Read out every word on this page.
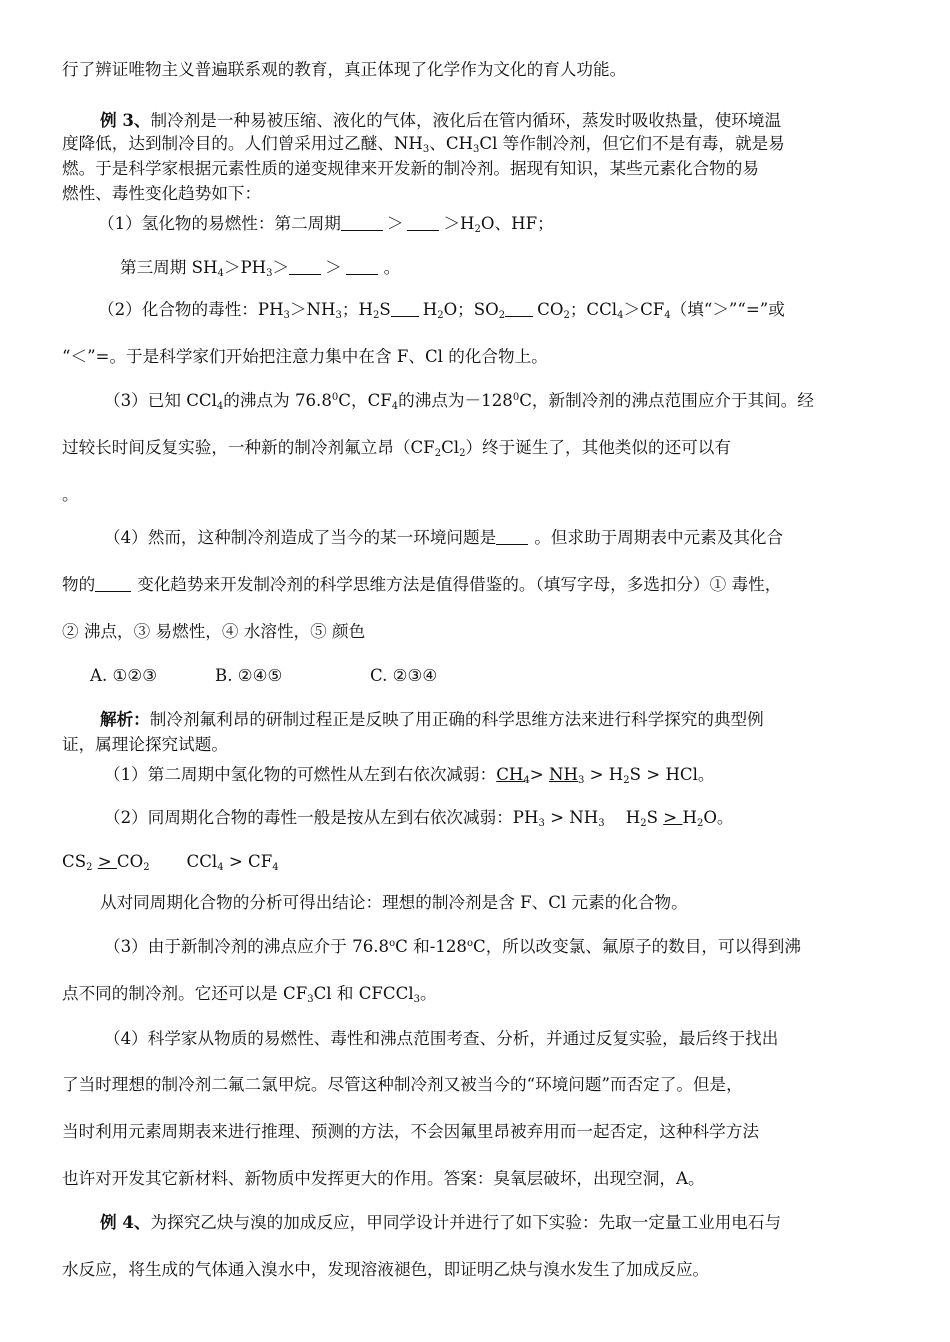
行了辨证唯物主义普遍联系观的教育，真正体现了化学作为文化的育人功能。
例 3、制冷剂是一种易被压缩、液化的气体，液化后在管内循环，蒸发时吸收热量，使环境温
度降低，达到制冷目的。人们曾采用过乙醚、$NH_3$、$CH_3Cl$ 等作制冷剂，但它们不是有毒，就是易
燃。于是科学家根据元素性质的递变规律来开发新的制冷剂。据现有知识，某些元素化合物的易
燃性、毒性变化趋势如下：
（1）氢化物的易燃性：第二周期	＞ $>H_2O$、HF；
第三周期 $SH_4>PH_3>$ ＞	。
（2）化合物的毒性：$PH_3>NH_3$；$H_2S$ $H_2O$；$SO_2$ $CO_2$；$CCl_4>CF_4$（填“＞”“=”或
“＜”=。于是科学家们开始把注意力集中在含 F、Cl 的化合物上。
（3）已知 CCl$_4$的沸点为 76.8$^0$C，$CF_4$的沸点为$-128^0C$，新制冷剂的沸点范围应介于其间。经
过较长时间反复实验，一种新的制冷剂氟立昂$(CF_2Cl_2)$终于诞生了，其他类似的还可以有
。
（4）然而，这种制冷剂造成了当今的某一环境问题是 。但求助于周期表中元素及其化合
物的	变化趋势来开发制冷剂的科学思维方法是值得借鉴的。（填写字母，多选扣分）① 毒性，
② 沸点，③ 易燃性，④ 水溶性，⑤ 颜色
A. ①②③	B. ②④⑤	C. ②③④
解析：制冷剂氟利昂的研制过程正是反映了用正确的科学思维方法来进行科学探究的典型例
证，属理论探究试题。
（1）第二周期中氢化物的可燃性从左到右依次减弱：$CH_4> NH_3 > H_2S$ > HCl。
（2）同周期化合物的毒性一般是按从左到右依次减弱：$PH_3 > NH_3$    $H_2S > H_2O$。
$CS_2 > CO_2$       $CCl_4 > CF_4$
从对同周期化合物的分析可得出结论：理想的制冷剂是含 F、Cl 元素的化合物。
（3）由于新制冷剂的沸点应介于 76.8$^o$C 和-128$^o$C，所以改变氯、氟原子的数目，可以得到沸
点不同的制冷剂。它还可以是 $CF_3Cl$ 和 CFCCl$_3$。
（4）科学家从物质的易燃性、毒性和沸点范围考查、分析，并通过反复实验，最后终于找出
了当时理想的制冷剂二氟二氯甲烷。尽管这种制冷剂又被当今的“环境问题”而否定了。但是，
当时利用元素周期表来进行推理、预测的方法，不会因氟里昂被弃用而一起否定，这种科学方法
也许对开发其它新材料、新物质中发挥更大的作用。答案：臭氧层破坏，出现空洞，A。
例 4、为探究乙炔与溴的加成反应，甲同学设计并进行了如下实验：先取一定量工业用电石与
水反应，将生成的气体通入溴水中，发现溶液褪色，即证明乙炔与溴水发生了加成反应。
